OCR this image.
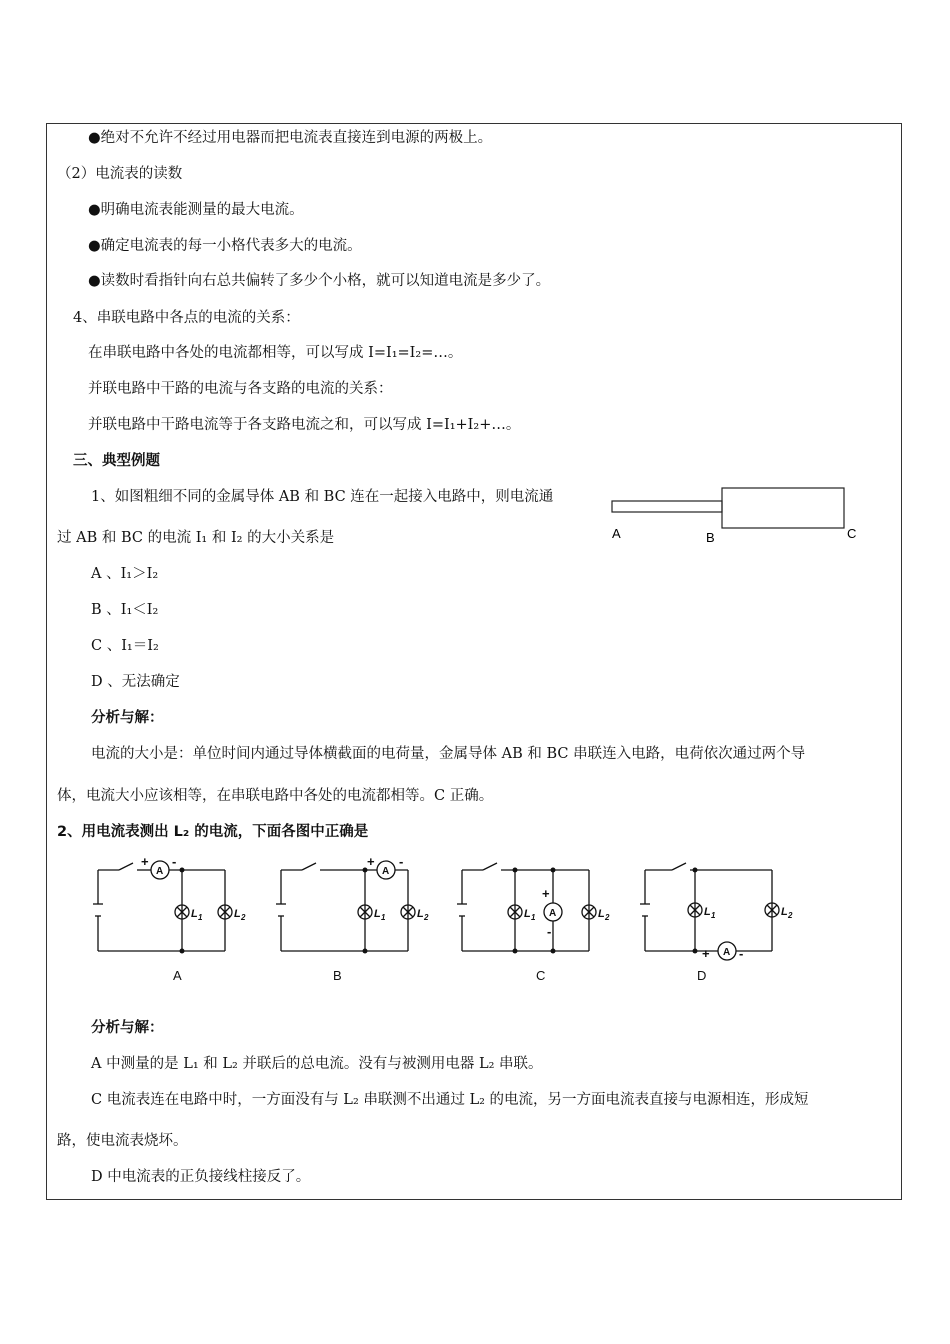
●绝对不允许不经过用电器而把电流表直接连到电源的两极上。
（2）电流表的读数
●明确电流表能测量的最大电流。
●确定电流表的每一小格代表多大的电流。
●读数时看指针向右总共偏转了多少个小格，就可以知道电流是多少了。
4、串联电路中各点的电流的关系：
在串联电路中各处的电流都相等，可以写成 I=I₁=I₂=…。
并联电路中干路的电流与各支路的电流的关系：
并联电路中干路电流等于各支路电流之和，可以写成 I=I₁+I₂+…。
三、典型例题
1、如图粗细不同的金属导体 AB 和 BC 连在一起接入电路中，则电流通
过 AB 和 BC 的电流 I₁ 和 I₂ 的大小关系是
A 、I₁＞I₂
B 、I₁＜I₂
C 、I₁＝I₂
D 、无法确定
分析与解：
电流的大小是：单位时间内通过导体横截面的电荷量，金属导体 AB 和 BC 串联连入电路，电荷依次通过两个导
体，电流大小应该相等，在串联电路中各处的电流都相等。C 正确。
2、用电流表测出 L₂ 的电流，下面各图中正确是
分析与解：
A 中测量的是 L₁ 和 L₂ 并联后的总电流。没有与被测用电器 L₂ 串联。
C 电流表连在电路中时，一方面没有与 L₂ 串联测不出通过 L₂ 的电流，另一方面电流表直接与电源相连，形成短
路，使电流表烧坏。
D 中电流表的正负接线柱接反了。
A	B	C
A	A
A
A
+ -	+ -
+
-
+ -
L 1	L 2	L 1	L 2	L 1	L 2	L 1	L 2
A	B	C	D
